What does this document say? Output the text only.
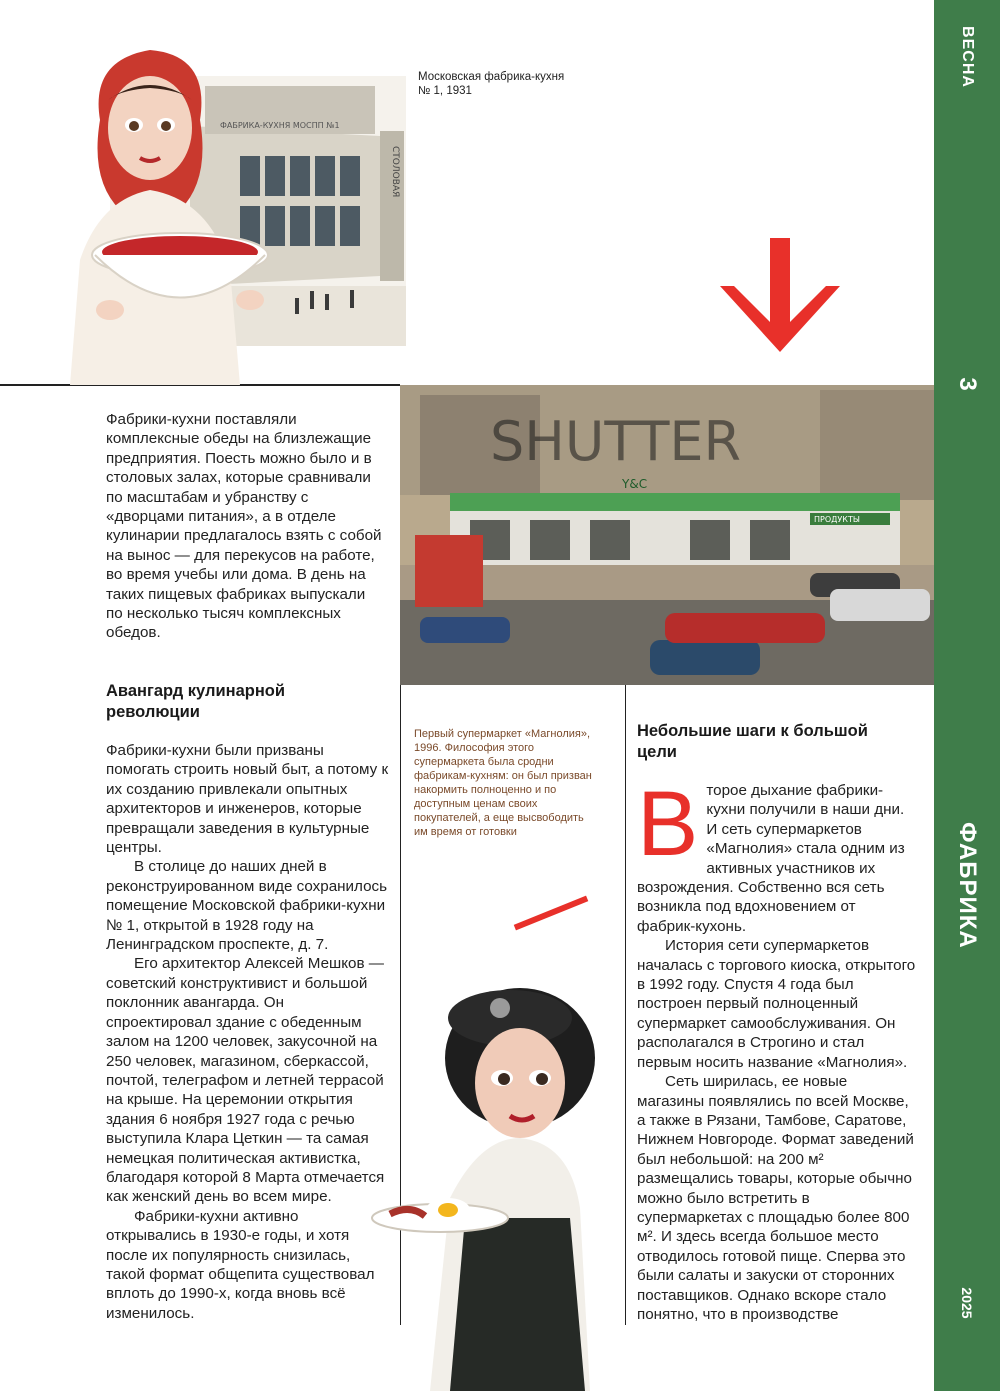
ВЕСНА
3
ФАБРИКА
2025
ФАБРИКА-КУХНЯ МОСПП №1
СТОЛОВАЯ
Московская фабрика-кухня № 1, 1931
Y&C
ПРОДУКТЫ
SHUTTER

Фабрики-кухни поставляли комплексные обеды на близлежащие предприятия. Поесть можно было и в столовых залах, которые сравнивали по масштабам и убранству с «дворцами питания», а в отделе кулинарии предлагалось взять с собой на вынос — для перекусов на работе, во время учебы или дома. В день на таких пищевых фабриках выпускали по несколько тысяч комплексных обедов.

Авангард кулинарной революции

Фабрики-кухни были призваны помогать строить новый быт, а потому к их созданию привлекали опытных архитекторов и инженеров, которые превращали заведения в культурные центры.

В столице до наших дней в реконструированном виде сохранилось помещение Московской фабрики-кухни № 1, открытой в 1928 году на Ленинградском проспекте, д. 7.

Его архитектор Алексей Мешков — советский конструктивист и большой поклонник авангарда. Он спроектировал здание с обеденным залом на 1200 человек, закусочной на 250 человек, магазином, сберкассой, почтой, телеграфом и летней террасой на крыше. На церемонии открытия здания 6 ноября 1927 года с речью выступила Клара Цеткин — та самая немецкая политическая активистка, благодаря которой 8 Марта отмечается как женский день во всем мире.

Фабрики-кухни активно открывались в 1930-е годы, и хотя после их популярность снизилась, такой формат общепита существовал вплоть до 1990-х, когда вновь всё изменилось.

Первый супермаркет «Магнолия», 1996. Философия этого супермаркета была сродни фабрикам-кухням: он был призван накормить полноценно и по доступным ценам своих покупателей, а еще высвободить им время от готовки
Небольшие шаги к большой цели

Второе дыхание фабрики-кухни получили в наши дни. И сеть супермаркетов «Магнолия» стала одним из активных участников их возрождения. Собственно вся сеть возникла под вдохновением от фабрик-кухонь.

История сети супермаркетов началась с торгового киоска, открытого в 1992 году. Спустя 4 года был построен первый полноценный супермаркет самообслуживания. Он располагался в Строгино и стал первым носить название «Магнолия».

Сеть ширилась, ее новые магазины появлялись по всей Москве, а также в Рязани, Тамбове, Саратове, Нижнем Новгороде. Формат заведений был небольшой: на 200 м² размещались товары, которые обычно можно было встретить в супермаркетах с площадью более 800 м². И здесь всегда большое место отводилось готовой пище. Сперва это были салаты и закуски от сторонних поставщиков. Однако вскоре стало понятно, что в производстве
